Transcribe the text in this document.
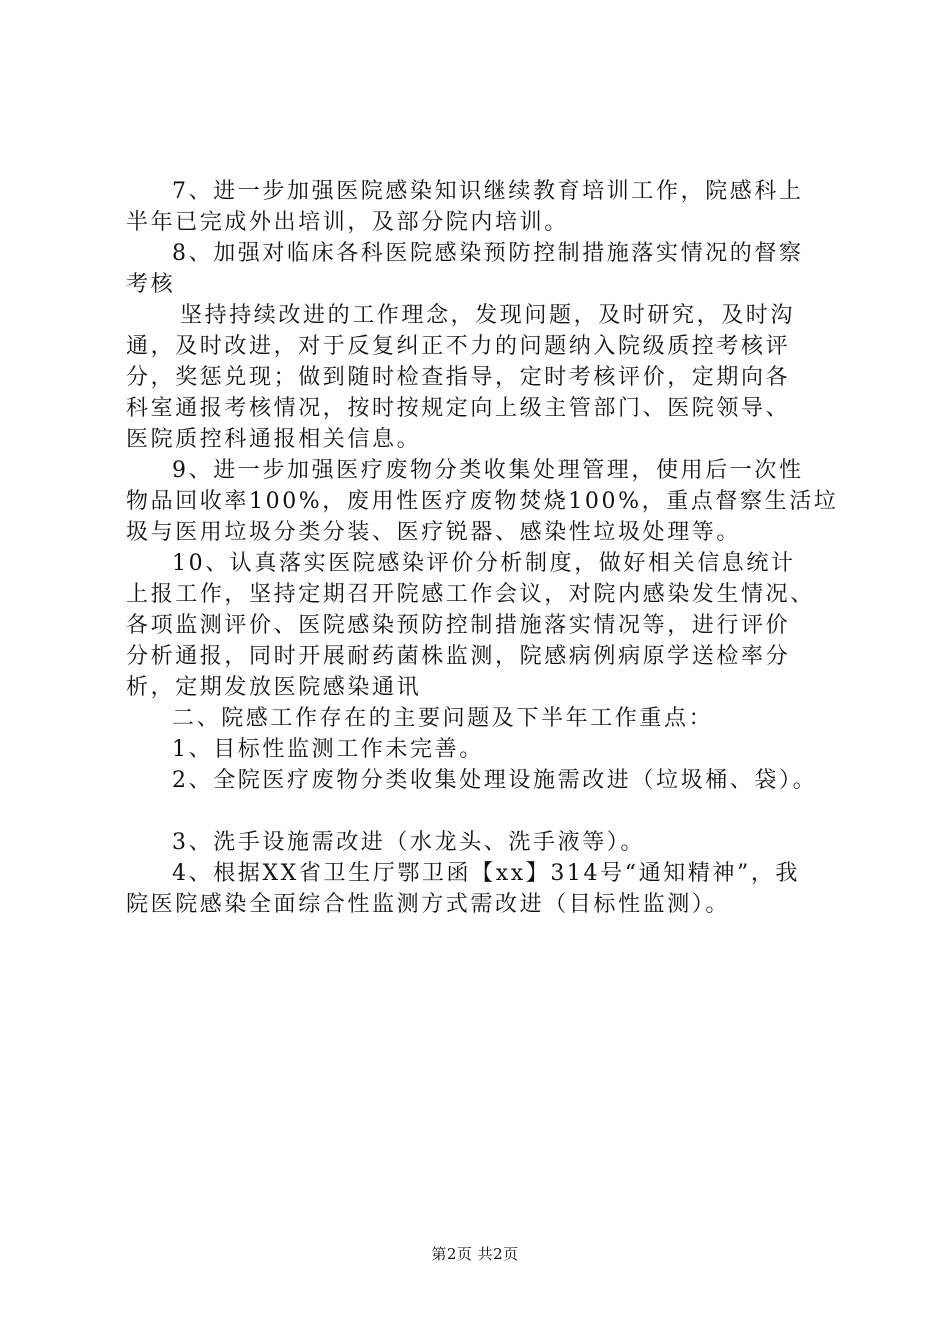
7、进一步加强医院感染知识继续教育培训工作，院感科上
半年已完成外出培训，及部分院内培训。
8、加强对临床各科医院感染预防控制措施落实情况的督察
考核
坚持持续改进的工作理念，发现问题，及时研究，及时沟
通，及时改进，对于反复纠正不力的问题纳入院级质控考核评
分，奖惩兑现；做到随时检查指导，定时考核评价，定期向各
科室通报考核情况，按时按规定向上级主管部门、医院领导、
医院质控科通报相关信息。
9、进一步加强医疗废物分类收集处理管理，使用后一次性
物品回收率100%，废用性医疗废物焚烧100%，重点督察生活垃
圾与医用垃圾分类分装、医疗锐器、感染性垃圾处理等。
10、认真落实医院感染评价分析制度，做好相关信息统计
上报工作，坚持定期召开院感工作会议，对院内感染发生情况、
各项监测评价、医院感染预防控制措施落实情况等，进行评价
分析通报，同时开展耐药菌株监测，院感病例病原学送检率分
析，定期发放医院感染通讯
二、院感工作存在的主要问题及下半年工作重点：
1、目标性监测工作未完善。
2、全院医疗废物分类收集处理设施需改进（垃圾桶、袋）。
3、洗手设施需改进（水龙头、洗手液等）。
4、根据XX省卫生厅鄂卫函【xx】314号“通知精神”，我
院医院感染全面综合性监测方式需改进（目标性监测）。
第2页 共2页
